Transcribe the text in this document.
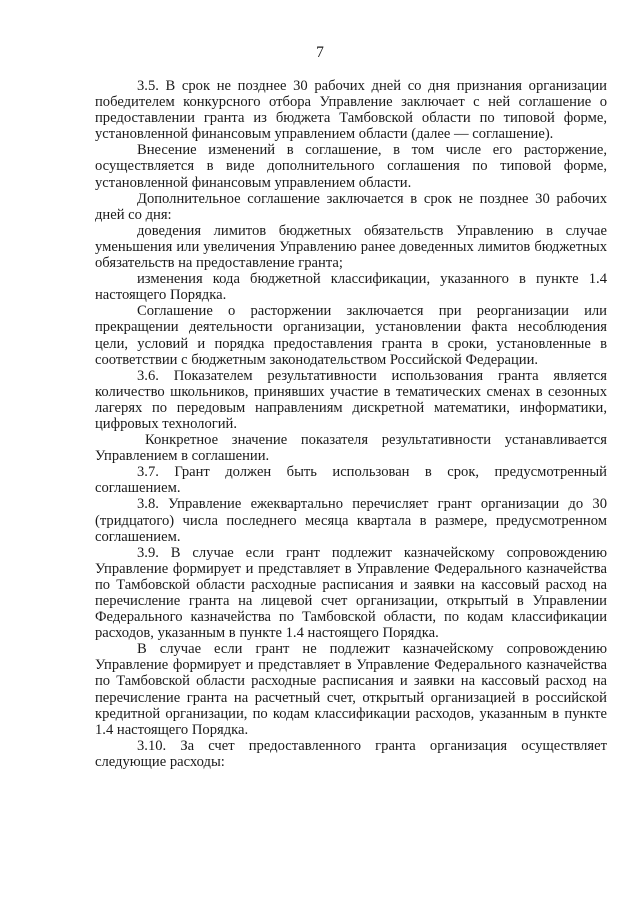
7

3.5. В срок не позднее 30 рабочих дней со дня признания организации победителем конкурсного отбора Управление заключает с ней соглашение о предоставлении гранта из бюджета Тамбовской области по типовой форме, установленной финансовым управлением области (далее — соглашение).

Внесение изменений в соглашение, в том числе его расторжение, осуществляется в виде дополнительного соглашения по типовой форме, установленной финансовым управлением области.

Дополнительное соглашение заключается в срок не позднее 30 рабочих дней со дня:

доведения лимитов бюджетных обязательств Управлению в случае уменьшения или увеличения Управлению ранее доведенных лимитов бюджетных обязательств на предоставление гранта;

изменения кода бюджетной классификации, указанного в пункте 1.4 настоящего Порядка.

Соглашение о расторжении заключается при реорганизации или прекращении деятельности организации, установлении факта несоблюдения цели, условий и порядка предоставления гранта в сроки, установленные в соответствии с бюджетным законодательством Российской Федерации.

3.6. Показателем результативности использования гранта является количество школьников, принявших участие в тематических сменах в сезонных лагерях по передовым направлениям дискретной математики, информатики, цифровых технологий.

Конкретное значение показателя результативности устанавливается Управлением в соглашении.

3.7. Грант должен быть использован в срок, предусмотренный соглашением.

3.8. Управление ежеквартально перечисляет грант организации до 30 (тридцатого) числа последнего месяца квартала в размере, предусмотренном соглашением.

3.9. В случае если грант подлежит казначейскому сопровождению Управление формирует и представляет в Управление Федерального казначейства по Тамбовской области расходные расписания и заявки на кассовый расход на перечисление гранта на лицевой счет организации, открытый в Управлении Федерального казначейства по Тамбовской области, по кодам классификации расходов, указанным в пункте 1.4 настоящего Порядка.

В случае если грант не подлежит казначейскому сопровождению Управление формирует и представляет в Управление Федерального казначейства по Тамбовской области расходные расписания и заявки на кассовый расход на перечисление гранта на расчетный счет, открытый организацией в российской кредитной организации, по кодам классификации расходов, указанным в пункте 1.4 настоящего Порядка.

3.10. За счет предоставленного гранта организация осуществляет следующие расходы:
